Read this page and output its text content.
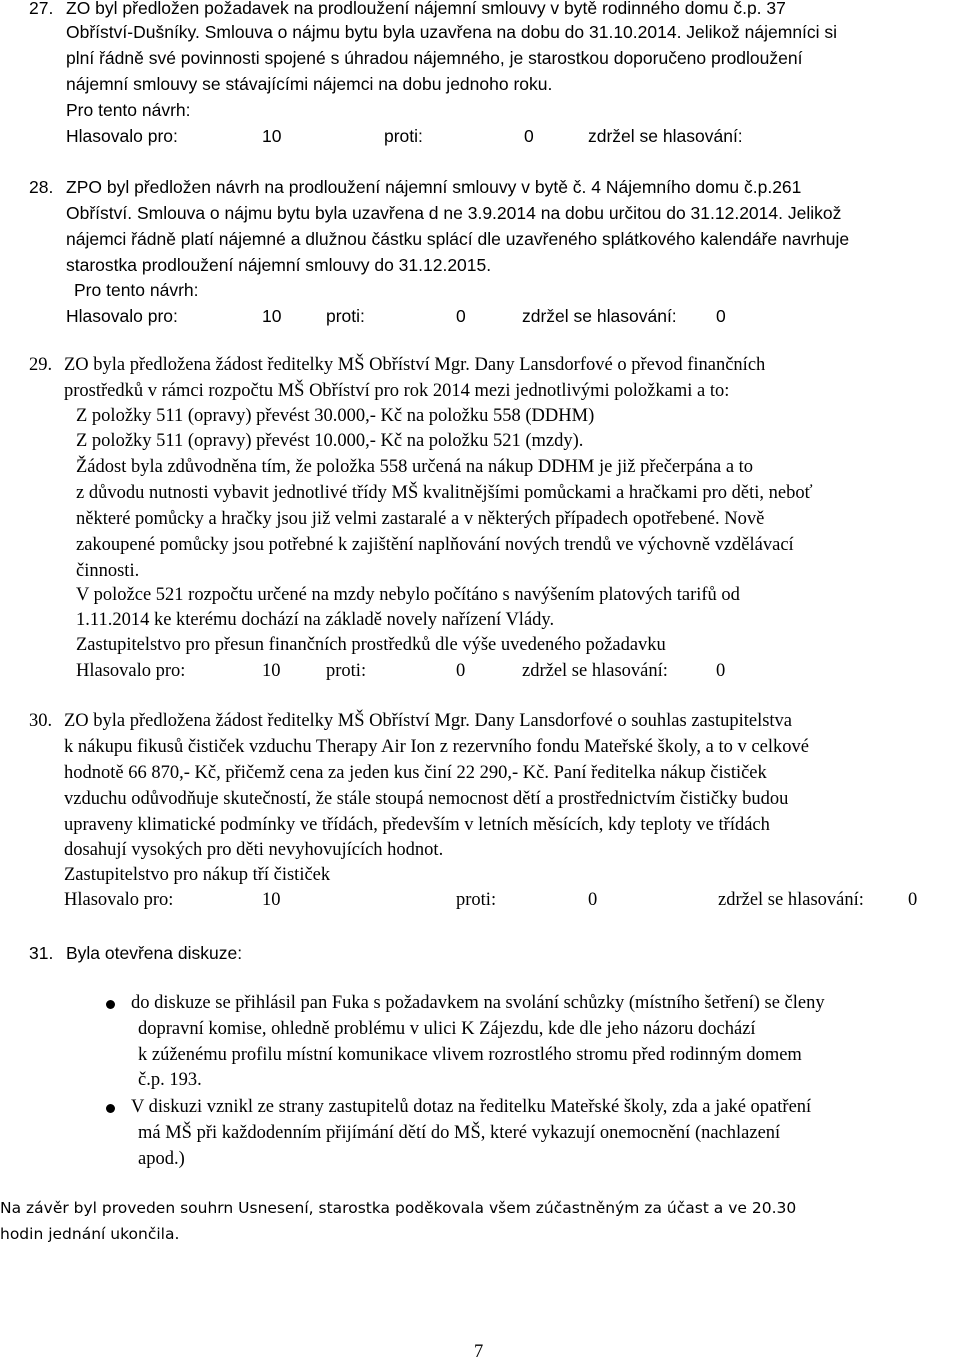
27. ZO byl předložen požadavek na prodloužení nájemní smlouvy v bytě rodinného domu č.p. 37
Obříství-Dušníky. Smlouva o nájmu bytu byla uzavřena na dobu do 31.10.2014. Jelikož nájemníci si
plní řádně své povinnosti spojené s úhradou nájemného, je starostkou doporučeno prodloužení
nájemní smlouvy se stávajícími nájemci na dobu jednoho roku.
Pro tento návrh:
Hlasovalo pro:	10	proti:	0	zdržel se hlasování:
28. ZPO byl předložen návrh na prodloužení nájemní smlouvy v bytě č. 4 Nájemního domu č.p.261
Obříství. Smlouva o nájmu bytu byla uzavřena d ne 3.9.2014 na dobu určitou do 31.12.2014. Jelikož
nájemci řádně platí nájemné a dlužnou částku splácí dle uzavřeného splátkového kalendáře navrhuje
starostka prodloužení nájemní smlouvy do 31.12.2015.
Pro tento návrh:
Hlasovalo pro:	10	proti:	0	zdržel se hlasování: 0
29. ZO byla předložena žádost ředitelky MŠ Obříství Mgr. Dany Lansdorfové o převod finančních
prostředků v rámci rozpočtu MŠ Obříství pro rok 2014 mezi jednotlivými položkami a to:
Z položky 511 (opravy) převést 30.000,- Kč na položku 558 (DDHM)
Z položky 511 (opravy) převést 10.000,- Kč na položku 521 (mzdy).
Žádost byla zdůvodněna tím, že položka 558 určená na nákup DDHM je již přečerpána a to
z důvodu nutnosti vybavit jednotlivé třídy MŠ kvalitnějšími pomůckami a hračkami pro děti, neboť
některé pomůcky a hračky jsou již velmi zastaralé a v některých případech opotřebené. Nově
zakoupené pomůcky jsou potřebné k zajištění naplňování nových trendů ve výchovně vzdělávací
činnosti.
V položce 521 rozpočtu určené na mzdy nebylo počítáno s navýšením platových tarifů od
1.11.2014 ke kterému dochází na základě novely nařízení Vlády.
Zastupitelstvo pro přesun finančních prostředků dle výše uvedeného požadavku
Hlasovalo pro:	10 proti:	0	zdržel se hlasování:	0
30. ZO byla předložena žádost ředitelky MŠ Obříství Mgr. Dany Lansdorfové o souhlas zastupitelstva
k nákupu fikusů čističek vzduchu Therapy Air Ion z rezervního fondu Mateřské školy, a to v celkové
hodnotě 66 870,- Kč, přičemž cena za jeden kus činí 22 290,- Kč. Paní ředitelka nákup čističek
vzduchu odůvodňuje skutečností, že stále stoupá nemocnost dětí a prostřednictvím čističky budou
upraveny klimatické podmínky ve třídách, především v letních měsících, kdy teploty ve třídách
dosahují vysokých pro děti nevyhovujících hodnot.
Zastupitelstvo pro nákup tří čističek
Hlasovalo pro:	10	proti:	0	zdržel se hlasování: 0
31. Byla otevřena diskuze:
do diskuze se přihlásil pan Fuka s požadavkem na svolání schůzky (místního šetření) se členy
dopravní komise, ohledně problému v ulici K Zájezdu, kde dle jeho názoru dochází
k zúženému profilu místní komunikace vlivem rozrostlého stromu před rodinným domem
č.p. 193.
V diskuzi vznikl ze strany zastupitelů dotaz na ředitelku Mateřské školy, zda a jaké opatření
má MŠ při každodenním přijímání dětí do MŠ, které vykazují onemocnění (nachlazení
apod.)
Na závěr byl proveden souhrn Usnesení, starostka poděkovala všem zúčastněným za účast a ve 20.30
hodin jednání ukončila.
7
